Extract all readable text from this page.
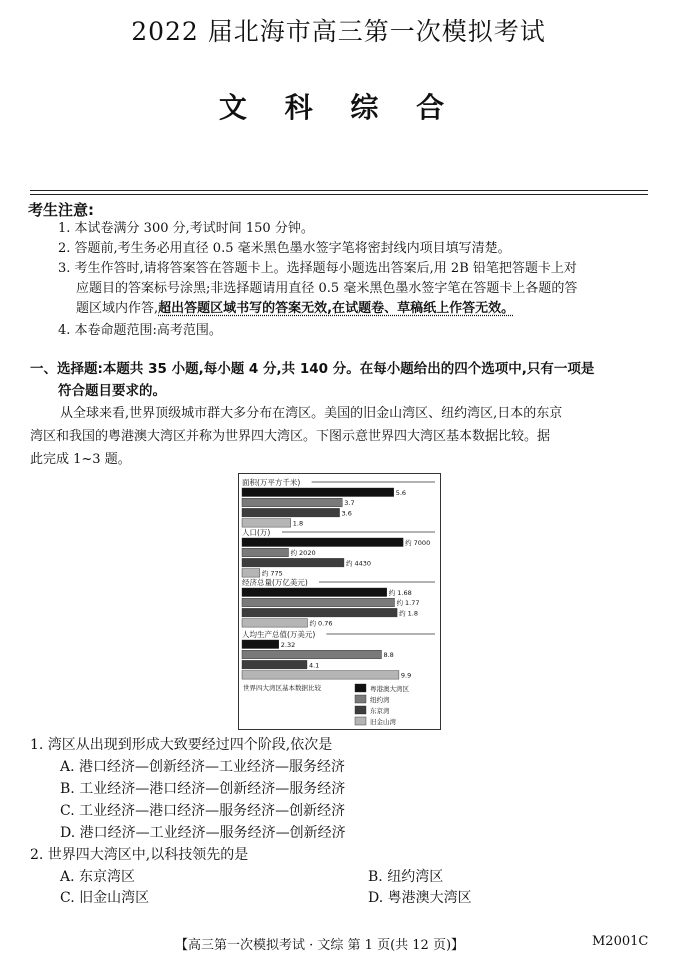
2022 届北海市高三第一次模拟考试
文 科 综 合
考生注意:
1. 本试卷满分 300 分,考试时间 150 分钟。
2. 答题前,考生务必用直径 0.5 毫米黑色墨水签字笔将密封线内项目填写清楚。
3. 考生作答时,请将答案答在答题卡上。选择题每小题选出答案后,用 2B 铅笔把答题卡上对
应题目的答案标号涂黑;非选择题请用直径 0.5 毫米黑色墨水签字笔在答题卡上各题的答
题区域内作答,超出答题区域书写的答案无效,在试题卷、草稿纸上作答无效。
4. 本卷命题范围:高考范围。
一、选择题:本题共 35 小题,每小题 4 分,共 140 分。在每小题给出的四个选项中,只有一项是
符合题目要求的。
从全球来看,世界顶级城市群大多分布在湾区。美国的旧金山湾区、纽约湾区,日本的东京
湾区和我国的粤港澳大湾区并称为世界四大湾区。下图示意世界四大湾区基本数据比较。据
此完成 1~3 题。
面积(万平方千米)
5.6
3.7
3.6
1.8
人口(万)
约 7000
约 2020
约 4430
约 775
经济总量(万亿美元)
约 1.68
约 1.77
约 1.8
约 0.76
人均生产总值(万美元)
2.32
8.8
4.1
9.9
世界四大湾区基本数据比较	粤港澳大湾区
纽约湾
东京湾
旧金山湾
1. 湾区从出现到形成大致要经过四个阶段,依次是
A. 港口经济—创新经济—工业经济—服务经济
B. 工业经济—港口经济—创新经济—服务经济
C. 工业经济—港口经济—服务经济—创新经济
D. 港口经济—工业经济—服务经济—创新经济
2. 世界四大湾区中,以科技领先的是
A. 东京湾区	B. 纽约湾区
C. 旧金山湾区	D. 粤港澳大湾区
【高三第一次模拟考试 · 文综 第 1 页(共 12 页)】	M2001C
